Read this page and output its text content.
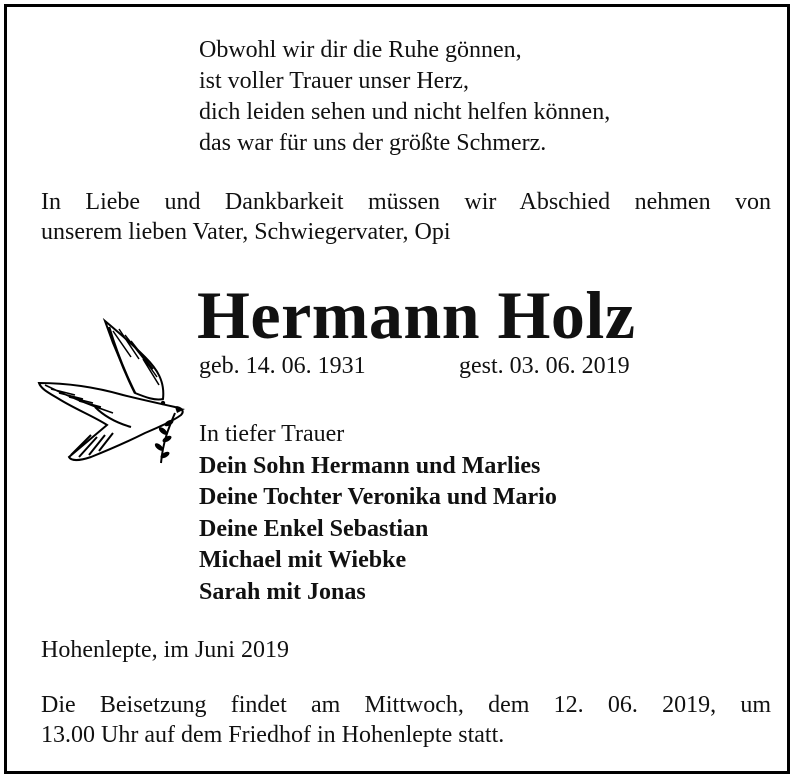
Obwohl wir dir die Ruhe gönnen,
ist voller Trauer unser Herz,
dich leiden sehen und nicht helfen können,
das war für uns der größte Schmerz.
In Liebe und Dankbarkeit müssen wir Abschied nehmen von
unserem lieben Vater, Schwiegervater, Opi
Hermann Holz
geb. 14. 06. 1931	gest. 03. 06. 2019
In tiefer Trauer
Dein Sohn Hermann und Marlies
Deine Tochter Veronika und Mario
Deine Enkel Sebastian
Michael mit Wiebke
Sarah mit Jonas
Hohenlepte, im Juni 2019
Die Beisetzung findet am Mittwoch, dem 12. 06. 2019, um
13.00 Uhr auf dem Friedhof in Hohenlepte statt.
